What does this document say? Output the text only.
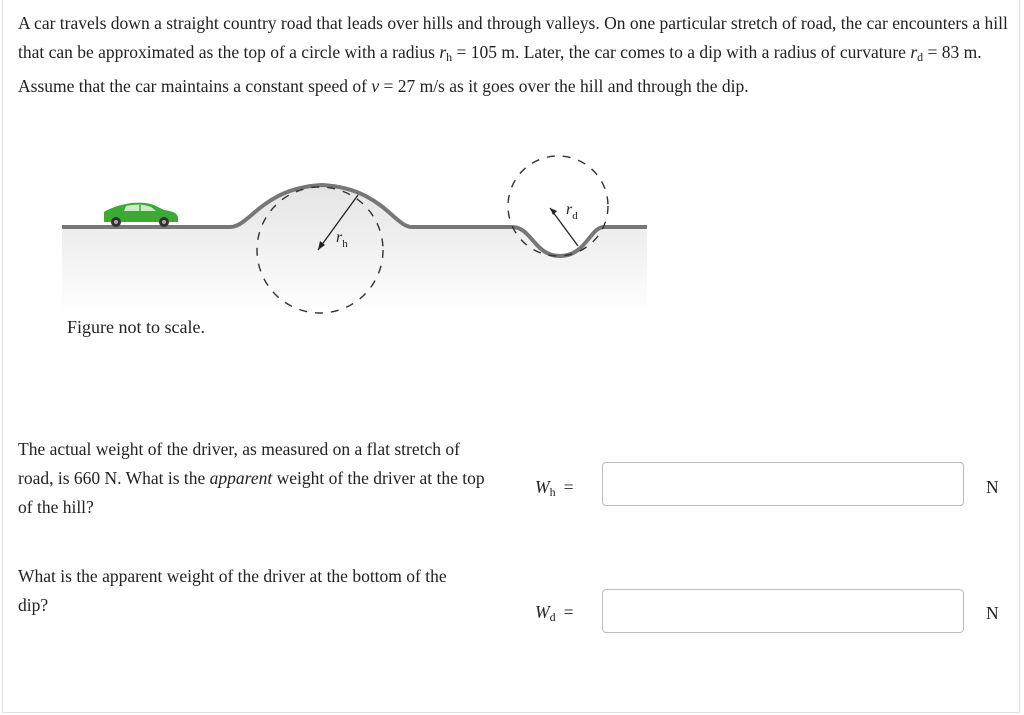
A car travels down a straight country road that leads over hills and through valleys. On one particular stretch of road, the car encounters a hill that can be approximated as the top of a circle with a radius $r_h = 105$ m. Later, the car comes to a dip with a radius of curvature $r_d = 83$ m. Assume that the car maintains a constant speed of v = 27 m/s as it goes over the hill and through the dip.
$r_h$
$r_d$
Figure not to scale.
The actual weight of the driver, as measured on a flat stretch of road, is 660 N. What is the apparent weight of the driver at the top of the hill?
$W_h$ =	N
What is the apparent weight of the driver at the bottom of the dip?	$W_d$ =	N
